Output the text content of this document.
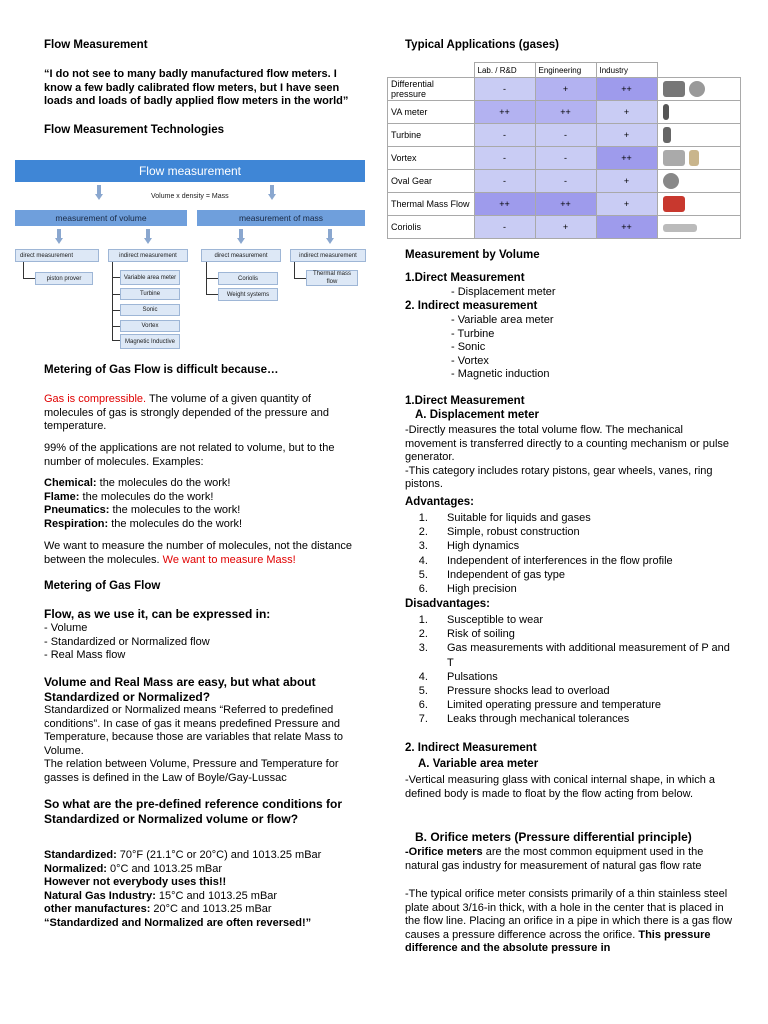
Flow Measurement
“I do not see to many badly manufactured flow meters. I know a few badly calibrated flow meters, but I have seen loads and loads of badly applied flow meters in the world”
Flow Measurement Technologies
Flow measurement
Volume x density = Mass
measurement of volume	measurement of mass
direct measurement	indirect measurement	direct measurement	indirect measurement
piston prover	Variable area meter
Turbine
Sonic
Vortex
Magnetic Inductive
Coriolis
Weight systems
Thermal mass flow
Metering of Gas Flow is difficult because…

Gas is compressible. The volume of a given quantity of molecules of gas is strongly depended of the pressure and temperature.

99% of the applications are not related to volume, but to the number of molecules. Examples:

Chemical: the molecules do the work!

Flame: the molecules do the work!

Pneumatics: the molecules to the work!

Respiration: the molecules do the work!

We want to measure the number of molecules, not the distance between the molecules. We want to measure Mass!

Metering of Gas Flow
Flow, as we use it, can be expressed in:

- Volume

- Standardized or Normalized flow

- Real Mass flow

Volume and Real Mass are easy, but what about Standardized or Normalized?

Standardized or Normalized means “Referred to predefined conditions”. In case of gas it means predefined Pressure and Temperature, because those are variables that relate Mass to Volume.

The relation between Volume, Pressure and Temperature for gasses is defined in the Law of Boyle/Gay-Lussac

So what are the pre-defined reference conditions for Standardized or Normalized volume or flow?

Standardized: 70°F (21.1°C or 20°C) and 1013.25 mBar

Normalized: 0°C and 1013.25 mBar

However not everybody uses this!!

Natural Gas Industry: 15°C and 1013.25 mBar

other manufactures: 20°C and 1013.25 mBar

“Standardized and Normalized are often reversed!”

Typical Applications (gases)
	Lab. / R&D	Engineering	Industry	
Differential pressure	-	+	++	
VA meter	++	++	+	
Turbine	-	-	+	
Vortex	-	-	++	
Oval Gear	-	-	+	
Thermal Mass Flow	++	++	+	
Coriolis	-	+	++	
Measurement by Volume
1.Direct Measurement
- Displacement meter
2. Indirect measurement

- Variable area meter

- Turbine

- Sonic

- Vortex

- Magnetic induction

1.Direct Measurement
A. Displacement meter

-Directly measures the total volume flow. The mechanical movement is transferred directly to a counting mechanism or pulse generator.

-This category includes rotary pistons, gear wheels, vanes, ring pistons.

Advantages:
1. Suitable for liquids and gases
2. Simple, robust construction
3. High dynamics
4. Independent of interferences in the flow profile
5. Independent of gas type
6. High precision
Disadvantages:
1. Susceptible to wear
2. Risk of soiling
3. Gas measurements with additional measurement of P and T
4. Pulsations
5. Pressure shocks lead to overload
6. Limited operating pressure and temperature
7. Leaks through mechanical tolerances
2. Indirect Measurement
A. Variable area meter

-Vertical measuring glass with conical internal shape, in which a defined body is made to float by the flow acting from below.

B. Orifice meters (Pressure differential principle)

-Orifice meters are the most common equipment used in the natural gas industry for measurement of natural gas flow rate

-The typical orifice meter consists primarily of a thin stainless steel plate about 3/16-in thick, with a hole in the center that is placed in the flow line. Placing an orifice in a pipe in which there is a gas flow causes a pressure difference across the orifice. This pressure difference and the absolute pressure in
